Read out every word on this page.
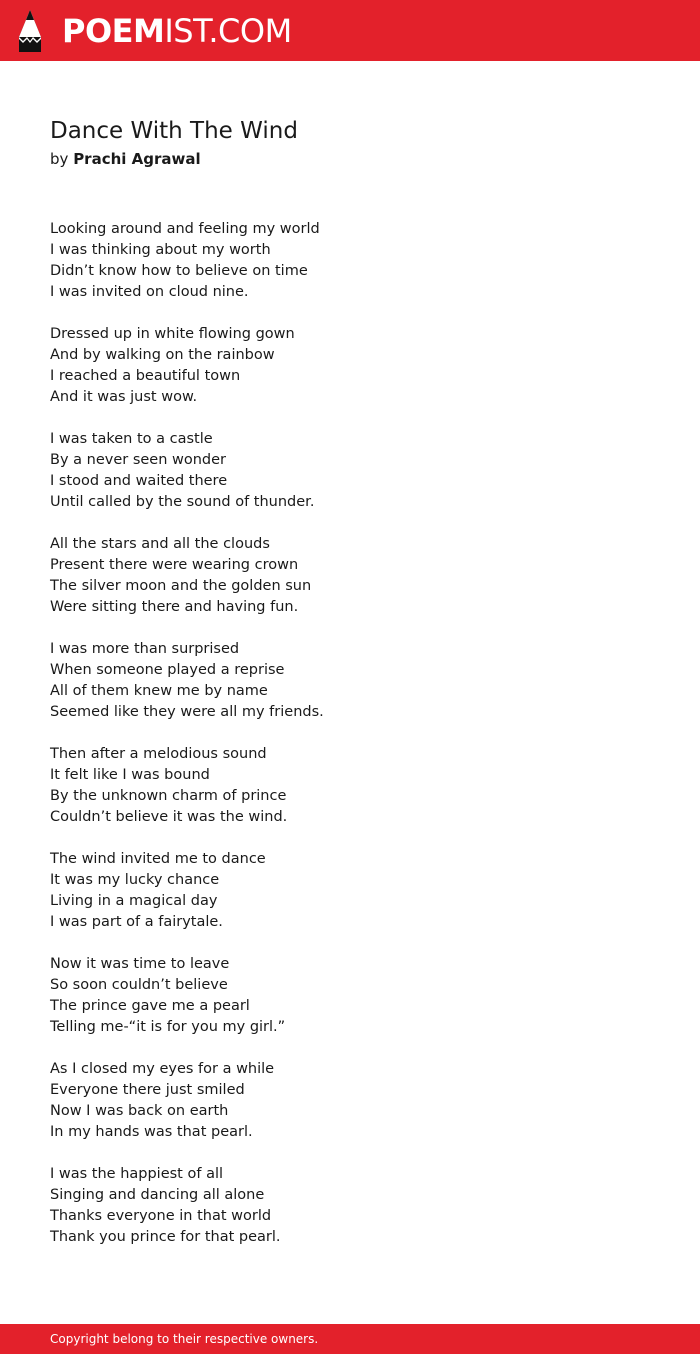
POEMIST.COM
Dance With The Wind
by Prachi Agrawal
Looking around and feeling my world
I was thinking about my worth
Didn’t know how to believe on time
I was invited on cloud nine.
Dressed up in white flowing gown
And by walking on the rainbow
I reached a beautiful town
And it was just wow.
I was taken to a castle
By a never seen wonder
I stood and waited there
Until called by the sound of thunder.
All the stars and all the clouds
Present there were wearing crown
The silver moon and the golden sun
Were sitting there and having fun.
I was more than surprised
When someone played a reprise
All of them knew me by name
Seemed like they were all my friends.
Then after a melodious sound
It felt like I was bound
By the unknown charm of prince
Couldn’t believe it was the wind.
The wind invited me to dance
It was my lucky chance
Living in a magical day
I was part of a fairytale.
Now it was time to leave
So soon couldn’t believe
The prince gave me a pearl
Telling me-“it is for you my girl.”
As I closed my eyes for a while
Everyone there just smiled
Now I was back on earth
In my hands was that pearl.
I was the happiest of all
Singing and dancing all alone
Thanks everyone in that world
Thank you prince for that pearl.
Copyright belong to their respective owners.
